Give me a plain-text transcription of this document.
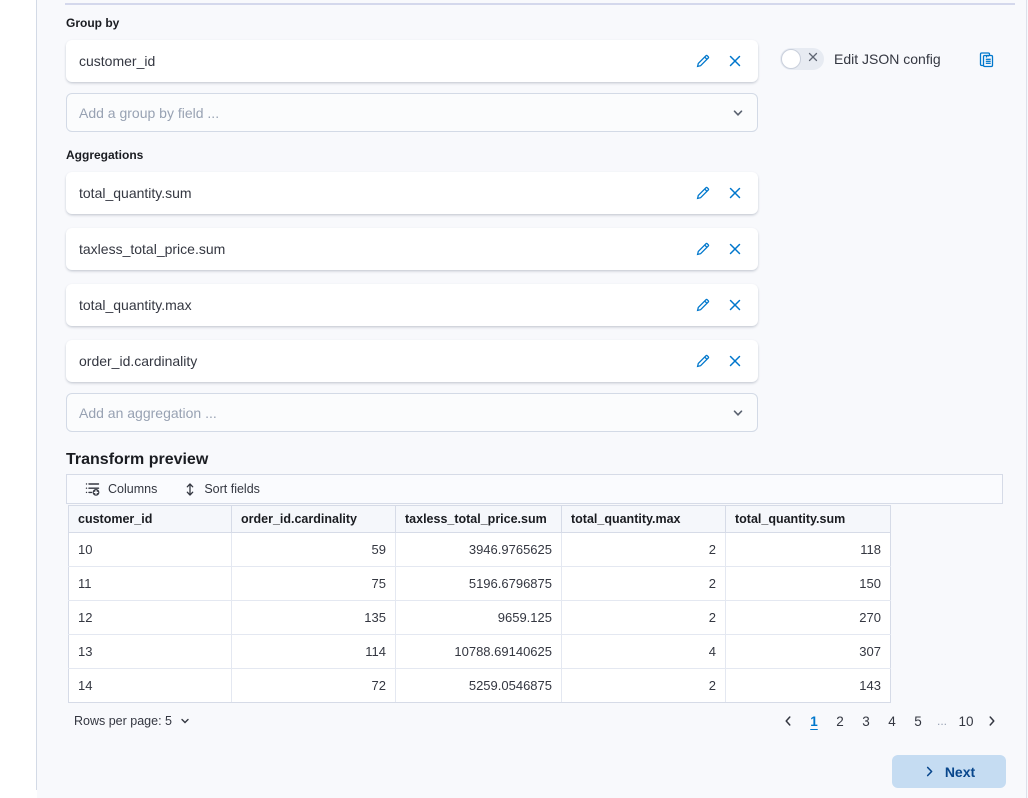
Group by
customer_id
Add a group by field ...
Edit JSON config
Aggregations
total_quantity.sum
taxless_total_price.sum
total_quantity.max
order_id.cardinality
Add an aggregation ...
Transform preview
Columns	Sort fields
customer_id	order_id.cardinality	taxless_total_price.sum	total_quantity.max	total_quantity.sum
10	59	3946.9765625	2	118
11	75	5196.6796875	2	150
12	135	9659.125	2	270
13	114	10788.69140625	4	307
14	72	5259.0546875	2	143
Rows per page: 5	1	2	3	4	5	... 10
Next
